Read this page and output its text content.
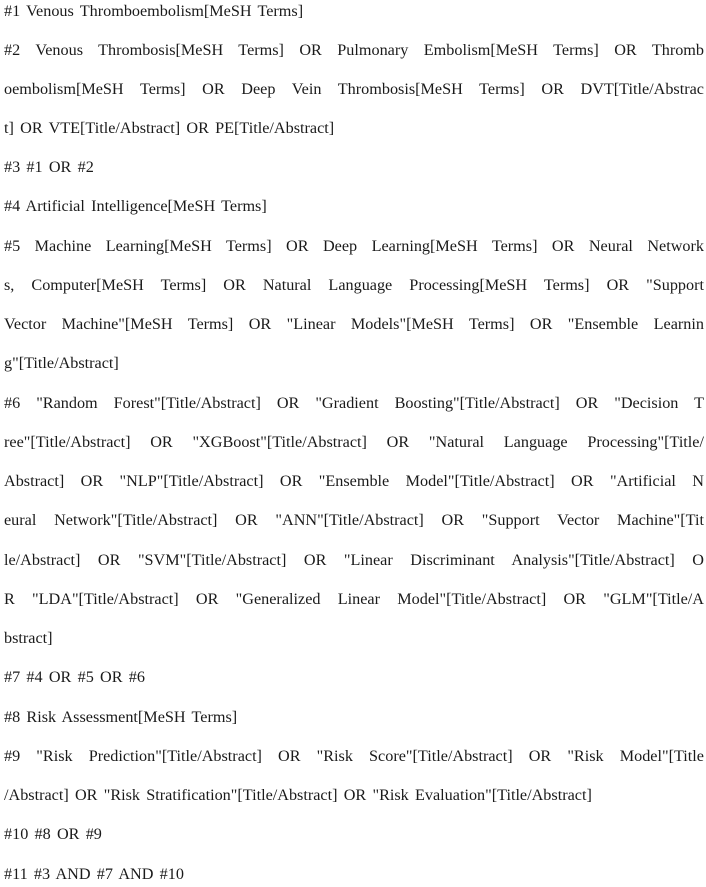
#1 Venous Thromboembolism[MeSH Terms]
#2 Venous Thrombosis[MeSH Terms] OR Pulmonary Embolism[MeSH Terms] OR Thromb
oembolism[MeSH Terms] OR Deep Vein Thrombosis[MeSH Terms] OR DVT[Title/Abstrac
t] OR VTE[Title/Abstract] OR PE[Title/Abstract]
#3 #1 OR #2
#4 Artificial Intelligence[MeSH Terms]
#5 Machine Learning[MeSH Terms] OR Deep Learning[MeSH Terms] OR Neural Network
s, Computer[MeSH Terms] OR Natural Language Processing[MeSH Terms] OR "Support
Vector Machine"[MeSH Terms] OR "Linear Models"[MeSH Terms] OR "Ensemble Learnin
g"[Title/Abstract]
#6 "Random Forest"[Title/Abstract] OR "Gradient Boosting"[Title/Abstract] OR "Decision T
ree"[Title/Abstract] OR "XGBoost"[Title/Abstract] OR "Natural Language Processing"[Title/
Abstract] OR "NLP"[Title/Abstract] OR "Ensemble Model"[Title/Abstract] OR "Artificial N
eural Network"[Title/Abstract] OR "ANN"[Title/Abstract] OR "Support Vector Machine"[Tit
le/Abstract] OR "SVM"[Title/Abstract] OR "Linear Discriminant Analysis"[Title/Abstract] O
R "LDA"[Title/Abstract] OR "Generalized Linear Model"[Title/Abstract] OR "GLM"[Title/A
bstract]
#7 #4 OR #5 OR #6
#8 Risk Assessment[MeSH Terms]
#9 "Risk Prediction"[Title/Abstract] OR "Risk Score"[Title/Abstract] OR "Risk Model"[Title
/Abstract] OR "Risk Stratification"[Title/Abstract] OR "Risk Evaluation"[Title/Abstract]
#10 #8 OR #9
#11 #3 AND #7 AND #10
